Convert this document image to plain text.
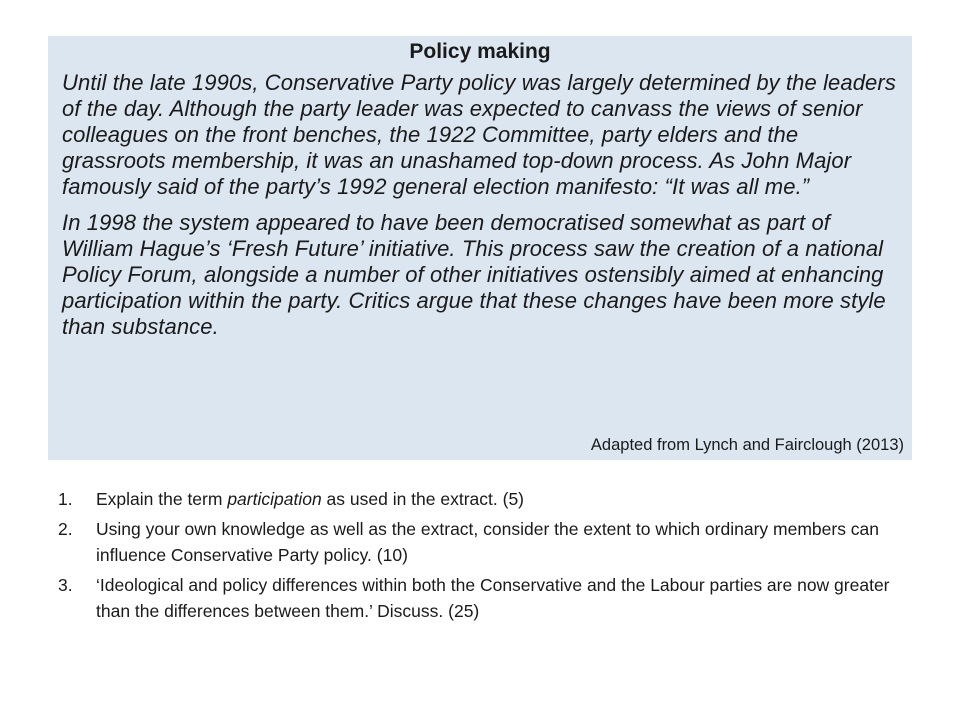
Policy making

Until the late 1990s, Conservative Party policy was largely determined by the leaders of the day. Although the party leader was expected to canvass the views of senior colleagues on the front benches, the 1922 Committee, party elders and the grassroots membership, it was an unashamed top-down process. As John Major famously said of the party’s 1992 general election manifesto: “It was all me.”

In 1998 the system appeared to have been democratised somewhat as part of William Hague’s ‘Fresh Future’ initiative. This process saw the creation of a national Policy Forum, alongside a number of other initiatives ostensibly aimed at enhancing participation within the party. Critics argue that these changes have been more style than substance.

Adapted from Lynch and Fairclough (2013)

1. Explain the term participation as used in the extract. (5)
2. Using your own knowledge as well as the extract, consider the extent to which ordinary members can influence Conservative Party policy. (10)
3. ‘Ideological and policy differences within both the Conservative and the Labour parties are now greater than the differences between them.’ Discuss. (25)
